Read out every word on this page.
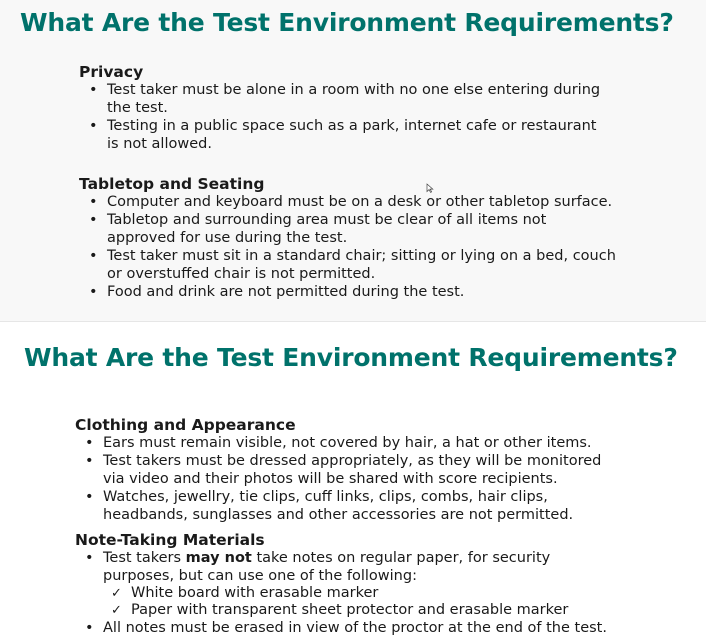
What Are the Test Environment Requirements?
Privacy
• Test taker must be alone in a room with no one else entering during the test.
• Testing in a public space such as a park, internet cafe or restaurant is not allowed.
Tabletop and Seating
• Computer and keyboard must be on a desk or other tabletop surface.
• Tabletop and surrounding area must be clear of all items not approved for use during the test.
• Test taker must sit in a standard chair; sitting or lying on a bed, couch or overstuffed chair is not permitted.
• Food and drink are not permitted during the test.
What Are the Test Environment Requirements?
Clothing and Appearance
• Ears must remain visible, not covered by hair, a hat or other items.
• Test takers must be dressed appropriately, as they will be monitored via video and their photos will be shared with score recipients.
• Watches, jewellry, tie clips, cuff links, clips, combs, hair clips, headbands, sunglasses and other accessories are not permitted.
Note-Taking Materials
• Test takers may not take notes on regular paper, for security purposes, but can use one of the following:
✓ White board with erasable marker
✓ Paper with transparent sheet protector and erasable marker
• All notes must be erased in view of the proctor at the end of the test.
